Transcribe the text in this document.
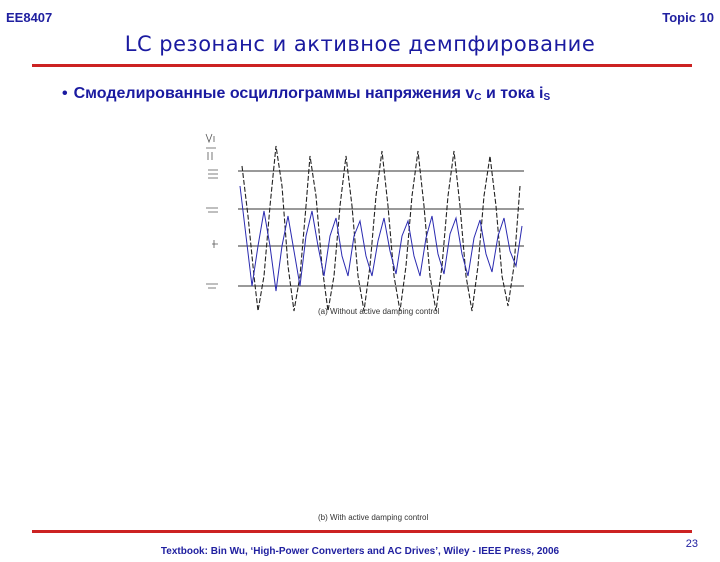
EE8407	Topic 10
LC резонанс и активное демпфирование
• Смоделированные осциллограммы напряжения vC и тока iS
(a) Without active damping control
(b) With active damping control
Textbook: Bin Wu, ‘High-Power Converters and AC Drives’, Wiley - IEEE Press, 2006
23
